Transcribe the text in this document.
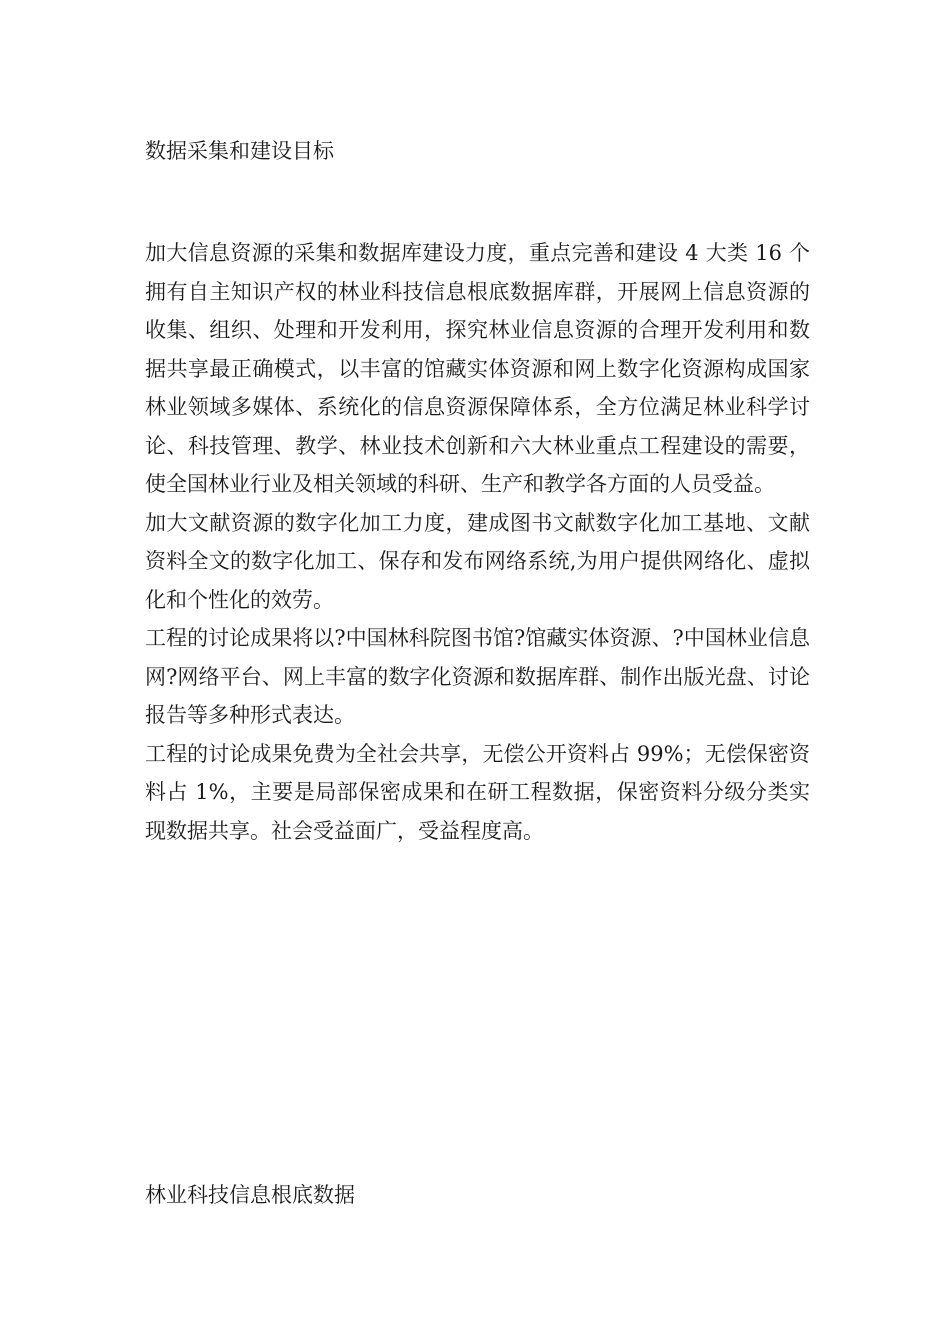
数据采集和建设目标

加大信息资源的采集和数据库建设力度，重点完善和建设 4 大类 16 个拥有自主知识产权的林业科技信息根底数据库群，开展网上信息资源的收集、组织、处理和开发利用，探究林业信息资源的合理开发利用和数据共享最正确模式，以丰富的馆藏实体资源和网上数字化资源构成国家林业领域多媒体、系统化的信息资源保障体系，全方位满足林业科学讨论、科技管理、教学、林业技术创新和六大林业重点工程建设的需要，使全国林业行业及相关领域的科研、生产和教学各方面的人员受益。

加大文献资源的数字化加工力度，建成图书文献数字化加工基地、文献资料全文的数字化加工、保存和发布网络系统,为用户提供网络化、虚拟化和个性化的效劳。

工程的讨论成果将以?中国林科院图书馆?馆藏实体资源、?中国林业信息网?网络平台、网上丰富的数字化资源和数据库群、制作出版光盘、讨论报告等多种形式表达。

工程的讨论成果免费为全社会共享，无偿公开资料占 99%；无偿保密资料占 1%，主要是局部保密成果和在研工程数据，保密资料分级分类实现数据共享。社会受益面广，受益程度高。

林业科技信息根底数据
